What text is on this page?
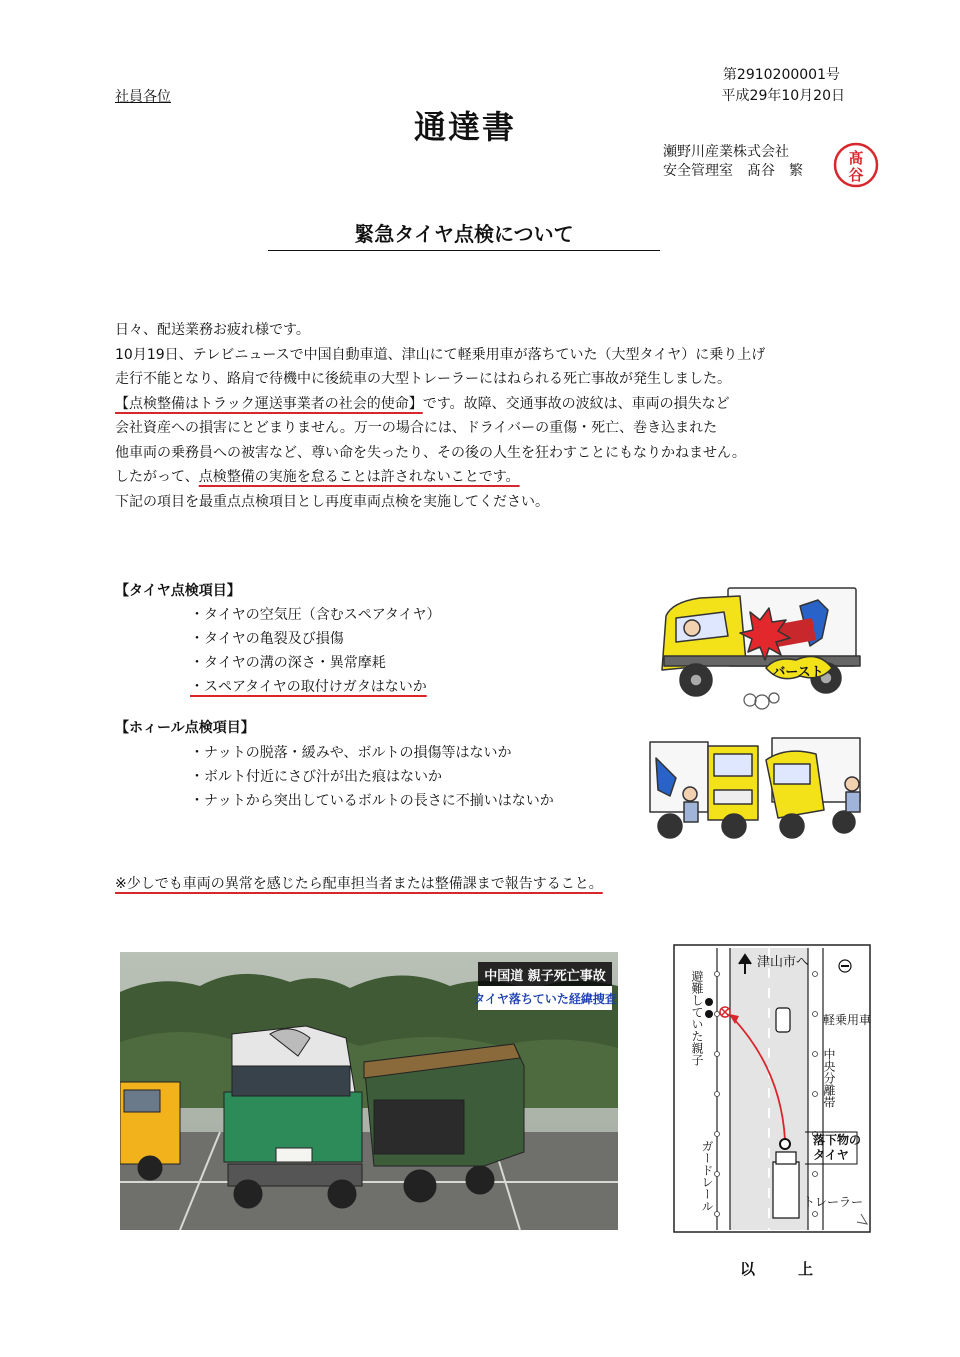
第2910200001号
平成29年10月20日
社員各位
通達書
瀬野川産業株式会社
安全管理室　髙谷　繁
髙
谷
緊急タイヤ点検について

日々、配送業務お疲れ様です。

10月19日、テレビニュースで中国自動車道、津山にて軽乗用車が落ちていた（大型タイヤ）に乗り上げ

走行不能となり、路肩で待機中に後続車の大型トレーラーにはねられる死亡事故が発生しました。

【点検整備はトラック運送事業者の社会的使命】です。故障、交通事故の波紋は、車両の損失など

会社資産への損害にとどまりません。万一の場合には、ドライバーの重傷・死亡、巻き込まれた

他車両の乗務員への被害など、尊い命を失ったり、その後の人生を狂わすことにもなりかねません。

したがって、点検整備の実施を怠ることは許されないことです。

下記の項目を最重点点検項目とし再度車両点検を実施してください。

【タイヤ点検項目】
・タイヤの空気圧（含むスペアタイヤ）
・タイヤの亀裂及び損傷
・タイヤの溝の深さ・異常摩耗
・スペアタイヤの取付けガタはないか
【ホィール点検項目】
・ナットの脱落・緩みや、ボルトの損傷等はないか
・ボルト付近にさび汁が出た痕はないか
・ナットから突出しているボルトの長さに不揃いはないか
バースト
※少しでも車両の異常を感じたら配車担当者または整備課まで報告すること。
中国道 親子死亡事故
タイヤ落ちていた経緯捜査
津山市へ
避難していた親子	軽乗用車
中央分離帯
ガードレール	落下物の
タイヤ
トレーラー
以　上
